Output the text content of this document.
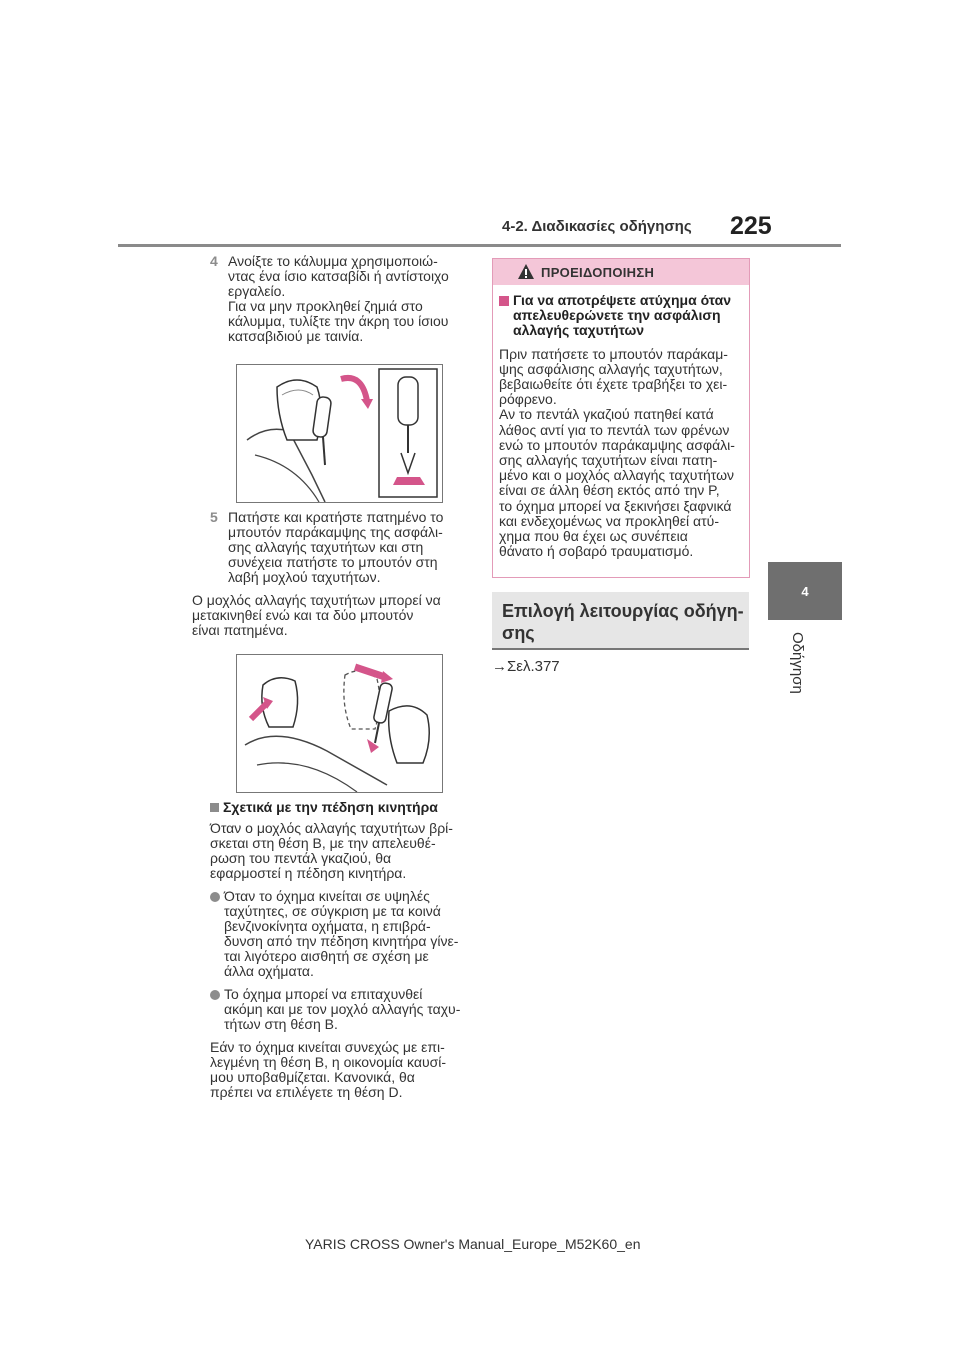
4-2. Διαδικασίες οδήγησης 225
4
Οδήγηση
4 Ανοίξτε το κάλυμμα χρησιμοποιώ-
ντας ένα ίσιο κατσαβίδι ή αντίστοιχο
εργαλείο.
Για να μην προκληθεί ζημιά στο
κάλυμμα, τυλίξτε την άκρη του ίσιου
κατσαβιδιού με ταινία.
5 Πατήστε και κρατήστε πατημένο το
μπουτόν παράκαμψης της ασφάλι-
σης αλλαγής ταχυτήτων και στη
συνέχεια πατήστε το μπουτόν στη
λαβή μοχλού ταχυτήτων.
Ο μοχλός αλλαγής ταχυτήτων μπορεί να
μετακινηθεί ενώ και τα δύο μπουτόν
είναι πατημένα.
Σχετικά με την πέδηση κινητήρα
Όταν ο μοχλός αλλαγής ταχυτήτων βρί-
σκεται στη θέση B, με την απελευθέ-
ρωση του πεντάλ γκαζιού, θα
εφαρμοστεί η πέδηση κινητήρα.
Όταν το όχημα κινείται σε υψηλές
ταχύτητες, σε σύγκριση με τα κοινά
βενζινοκίνητα οχήματα, η επιβρά-
δυνση από την πέδηση κινητήρα γίνε-
ται λιγότερο αισθητή σε σχέση με
άλλα οχήματα.
Το όχημα μπορεί να επιταχυνθεί
ακόμη και με τον μοχλό αλλαγής ταχυ-
τήτων στη θέση B.
Εάν το όχημα κινείται συνεχώς με επι-
λεγμένη τη θέση B, η οικονομία καυσί-
μου υποβαθμίζεται. Κανονικά, θα
πρέπει να επιλέγετε τη θέση D.
ΠΡΟΕΙΔΟΠΟΙΗΣΗ
Για να αποτρέψετε ατύχημα όταν
απελευθερώνετε την ασφάλιση
αλλαγής ταχυτήτων
Πριν πατήσετε το μπουτόν παράκαμ-
ψης ασφάλισης αλλαγής ταχυτήτων,
βεβαιωθείτε ότι έχετε τραβήξει το χει-
ρόφρενο.
Αν το πεντάλ γκαζιού πατηθεί κατά
λάθος αντί για το πεντάλ των φρένων
ενώ το μπουτόν παράκαμψης ασφάλι-
σης αλλαγής ταχυτήτων είναι πατη-
μένο και ο μοχλός αλλαγής ταχυτήτων
είναι σε άλλη θέση εκτός από την P,
το όχημα μπορεί να ξεκινήσει ξαφνικά
και ενδεχομένως να προκληθεί ατύ-
χημα που θα έχει ως συνέπεια
θάνατο ή σοβαρό τραυματισμό.
Επιλογή λειτουργίας οδήγη-
σης
→Σελ.377
YARIS CROSS Owner's Manual_Europe_M52K60_en
